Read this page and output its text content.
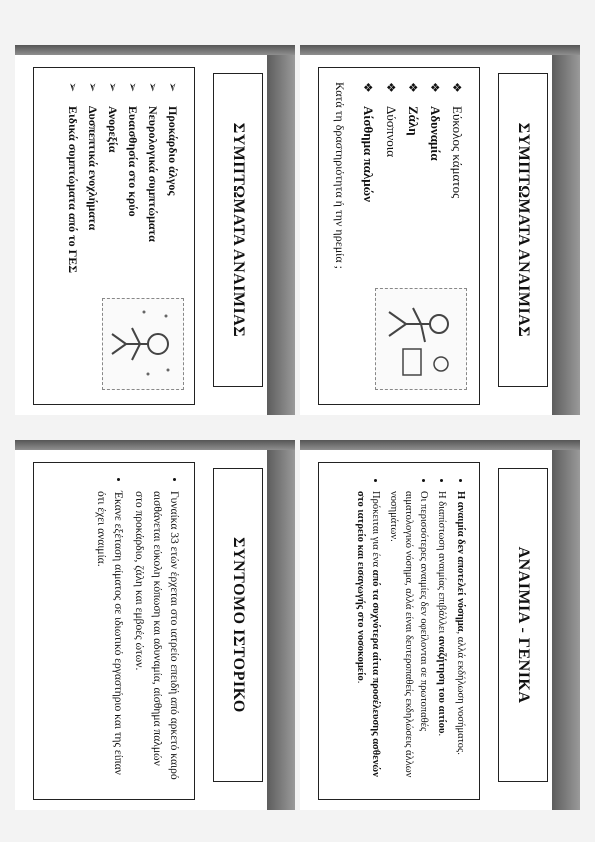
ΑΝΑΙΜΙΑ - ΓΕΝΙΚΑ
• Η αναιμία δεν αποτελεί νόσημα, αλλά εκδήλωση νοσήματος.
• Η διαπίστωση αναιμίας επιβάλλει αναζήτηση του αιτίου.
• Οι περισσότερες αναιμίες δεν οφείλονται σε πρωτοπαθές αιματολογικό νόσημα, αλλά είναι δευτεροπαθείς εκδηλώσεις άλλων νοσημάτων.
• Πρόκειται για ένα από τα συχνότερα αίτια προσέλευσης ασθενών στο ιατρείο και εισαγωγής στο νοσοκομείο.
ΣΥΜΠΤΩΜΑΤΑ ΑΝΑΙΜΙΑΣ
❖
Εύκολος κάματος
❖
Αδυναμία
❖
Ζάλη
❖
Δύσπνοια
❖
Αίσθημα παλμών
Κατά τη δραστηριότητα ή την ηρεμία ;
ΣΥΝΤΟΜΟ ΙΣΤΟΡΙΚΟ
• Γυναίκα 33 ετών έρχεται στο ιατρείο επειδή από αρκετό καιρό αισθάνεται εύκολη κόπωση και αδυναμία, αίσθημα παλμών στο προκάρδιο, ζάλη και εμβοές ώτων.
• Έκανε εξέταση αίματος σε ιδιωτικό εργαστήριο και της είπαν ότι έχει αναιμία.
ΣΥΜΠΤΩΜΑΤΑ ΑΝΑΙΜΙΑΣ
➢
Προκάρδιο άλγος
➢
Νευρολογικά συμπτώματα
➢
Ευαισθησία στο κρύο
➢
Ανορεξία
➢
Δυσπεπτικά ενοχλήματα
➢
Ειδικά συμπτώματα από το ΓΕΣ
